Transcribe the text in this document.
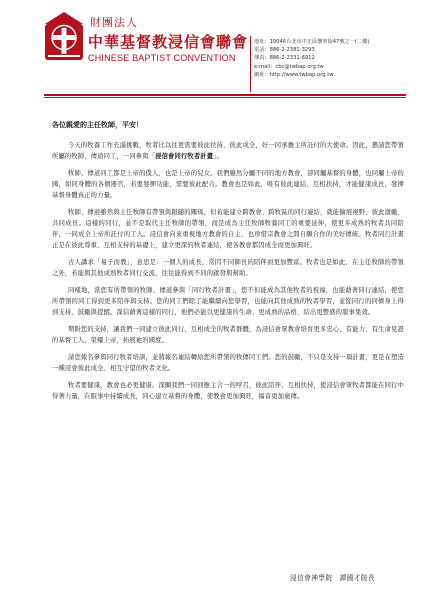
財團法人
中華基督教浸信會聯會
CHINESE BAPTIST CONVENTION
地址：10046台北市中正區懷寧街47號之一(二樓)
電話：886-2-2381-3293
傳真：886-2-2331-6912
e-mail：cbc@twbap.org.tw
網址：http://www.twbap.org.tw

各位親愛的主任牧師，平安！

今天的牧養工作充滿挑戰，牧者比以往更需要彼此扶持，彼此成全，好一同承擔主所託付的大使命。因此，懇請您帶領所屬的牧師、傳道同工，一同參與「浸信會同行牧者計畫」。

牧師、傳道同工都是上帝的僕人，也是上帝的兒女。我們雖然分屬不同的地方教會，卻同屬基督的身體，也同屬上帝的國，如同身體的各個器官，若要發揮功能，需要彼此配合。教會也是如此，唯有彼此連結，互相扶持，才能健康成長，發揮基督身體真正的力量。

牧師、傳道雖然與主任牧師有帶領與跟隨的關係，但若能建立跨教會、跨牧區的同行連結，就能擴展視野、彼此激勵、共同成長。這樣的同行，並不是取代主任牧師的帶領，而是成為主任牧師牧養同工的重要延伸，使更多成熟的牧者共同陪伴，一同成全上帝所託付的工人。浸信會向來重視地方教會的自主，也珍惜宗教會之間自願合作的美好傳統。牧者同行計畫正是在彼此尊重、互相支持的基礎上，建立更深的牧者連結，使各教會都因成全而更加興旺。

古人講求「易子而教」，意思是：一個人的成長，常因不同師長的陪伴而更加豐富。牧者也是如此，在主任牧師的帶領之外，若能與其他成熟牧者同行交流，往往能得到不同的啟發與幫助。

同樣地，當您有所帶領的牧師、傳道參與「同行牧者計畫」，您不但能成為其他牧者的祝福，也能藉著同行連結，使您所帶領的同工得到更多陪伴與支持。您的同工們除了能繼續向您學習，也能向其他成熟的牧者學習，並從同行的同儕身上得到支持、鼓勵與提醒。深信藉著這樣的同行，他們必能以更健康的生命、更成熟的品格，結出更豐盛的服事果效。

期盼您的支持，讓我們一同建立彼此同行、互相成全的牧者群體，為浸信會眾教會培育更多忠心、有能力、有生命見證的基督工人，榮耀上帝，拓展祂的國度。

請您報名參與同行牧者培訓，並將報名連結轉給您所帶領的牧傳同工們。您的鼓勵，不只是支持一項計畫，更是在塑造一種浸會彼此成全、相互守望的牧者文化。

牧者要健康，教會也必更健康。深願我們一同回應主合一的呼召，彼此陪伴，互相扶持，使浸信會眾牧者都能在同行中得著力量，在服事中持續成長，同心建立基督的身體，使教會更加興旺，福音更加廣傳。

浸信會神學院　譚國才院長
